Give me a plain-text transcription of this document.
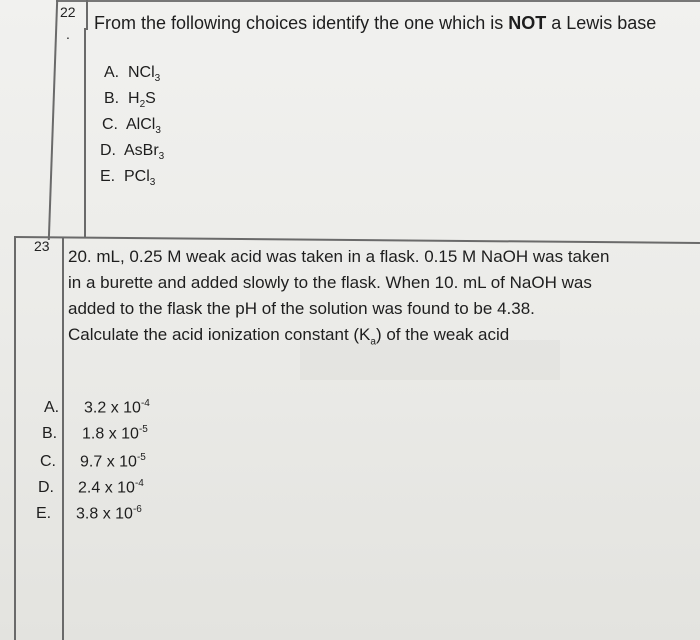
22
.
From the following choices identify the one which is NOT a Lewis base
A. NCl$_3$
B. $H_2S$
C. AlCl$_3$
D. AsBr$_3$
E. PCl$_3$
23
20. mL, 0.25 M weak acid was taken in a flask. 0.15 M NaOH was taken
in a burette and added slowly to the flask. When 10. mL of NaOH was
added to the flask the pH of the solution was found to be 4.38.
Calculate the acid ionization constant $(K_a)$ of the weak acid
A. 3.2 x $10^{-4}$
B. 1.8 x $10^{-5}$
C. 9.7 x $10^{-5}$
D. 2.4 x $10^{-4}$
E. 3.8 x $10^{-6}$
